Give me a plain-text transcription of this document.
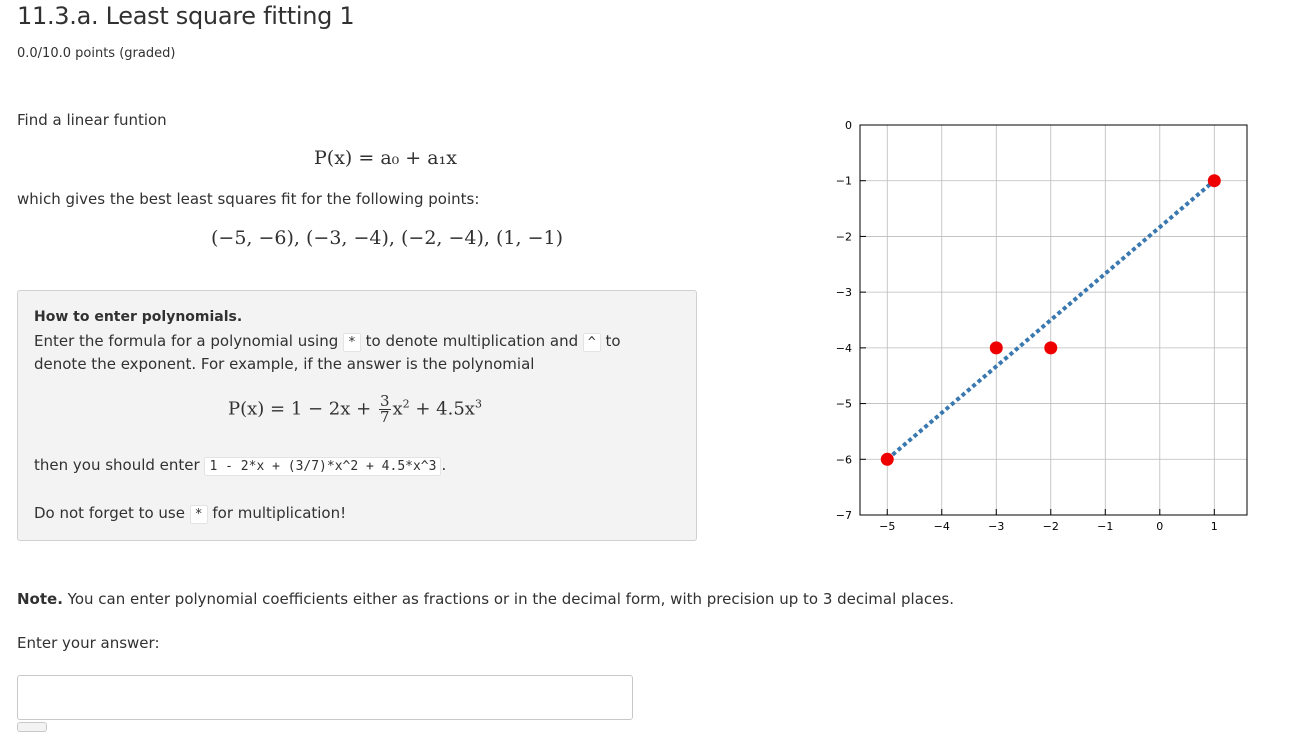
11.3.a. Least square fitting 1
0.0/10.0 points (graded)

Find a linear funtion

P(x) = a₀ + a₁x

which gives the best least squares fit for the following points:

(−5, −6), (−3, −4), (−2, −4), (1, −1)
How to enter polynomials.
Enter the formula for a polynomial using * to denote multiplication and ^ to
denote the exponent. For example, if the answer is the polynomial
$P(x) = 1 - 2x + \frac{3}{7} x^2 + 4.5x^3$
then you should enter 1 - 2*x + (3/7)*x^2 + 4.5*x^3 .
Do not forget to use * for multiplication!
−5	−4	−3	−2	−1	0	1
0
−1
−2
−3
−4
−5
−6
−7
Note. You can enter polynomial coefficients either as fractions or in the decimal form, with precision up to 3 decimal places.
Enter your answer:
